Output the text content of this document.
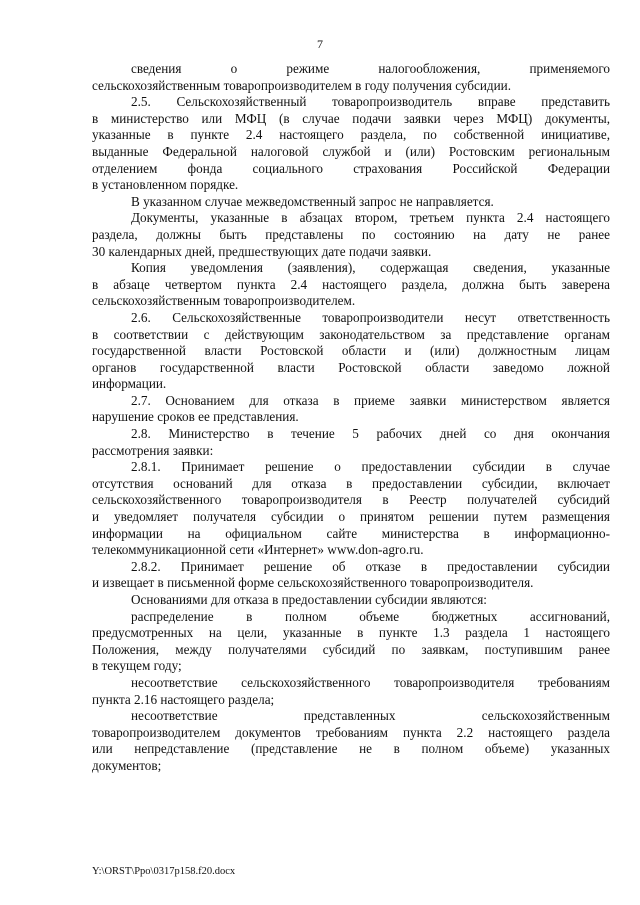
7
сведения о режиме налогообложения, применяемого
сельскохозяйственным товаропроизводителем в году получения субсидии.
2.5. Сельскохозяйственный товаропроизводитель вправе представить
в министерство или МФЦ (в случае подачи заявки через МФЦ) документы,
указанные в пункте 2.4 настоящего раздела, по собственной инициативе,
выданные Федеральной налоговой службой и (или) Ростовским региональным
отделением фонда социального страхования Российской Федерации
в установленном порядке.
В указанном случае межведомственный запрос не направляется.
Документы, указанные в абзацах втором, третьем пункта 2.4 настоящего
раздела, должны быть представлены по состоянию на дату не ранее
30 календарных дней, предшествующих дате подачи заявки.
Копия уведомления (заявления), содержащая сведения, указанные
в абзаце четвертом пункта 2.4 настоящего раздела, должна быть заверена
сельскохозяйственным товаропроизводителем.
2.6. Сельскохозяйственные товаропроизводители несут ответственность
в соответствии с действующим законодательством за представление органам
государственной власти Ростовской области и (или) должностным лицам
органов государственной власти Ростовской области заведомо ложной
информации.
2.7. Основанием для отказа в приеме заявки министерством является
нарушение сроков ее представления.
2.8. Министерство в течение 5 рабочих дней со дня окончания
рассмотрения заявки:
2.8.1. Принимает решение о предоставлении субсидии в случае
отсутствия оснований для отказа в предоставлении субсидии, включает
сельскохозяйственного товаропроизводителя в Реестр получателей субсидий
и уведомляет получателя субсидии о принятом решении путем размещения
информации на официальном сайте министерства в информационно-
телекоммуникационной сети «Интернет» www.don-agro.ru.
2.8.2. Принимает решение об отказе в предоставлении субсидии
и извещает в письменной форме сельскохозяйственного товаропроизводителя.
Основаниями для отказа в предоставлении субсидии являются:
распределение в полном объеме бюджетных ассигнований,
предусмотренных на цели, указанные в пункте 1.3 раздела 1 настоящего
Положения, между получателями субсидий по заявкам, поступившим ранее
в текущем году;
несоответствие сельскохозяйственного товаропроизводителя требованиям
пункта 2.16 настоящего раздела;
несоответствие представленных сельскохозяйственным
товаропроизводителем документов требованиям пункта 2.2 настоящего раздела
или непредставление (представление не в полном объеме) указанных
документов;
Y:\ORST\Ppo\0317p158.f20.docx
